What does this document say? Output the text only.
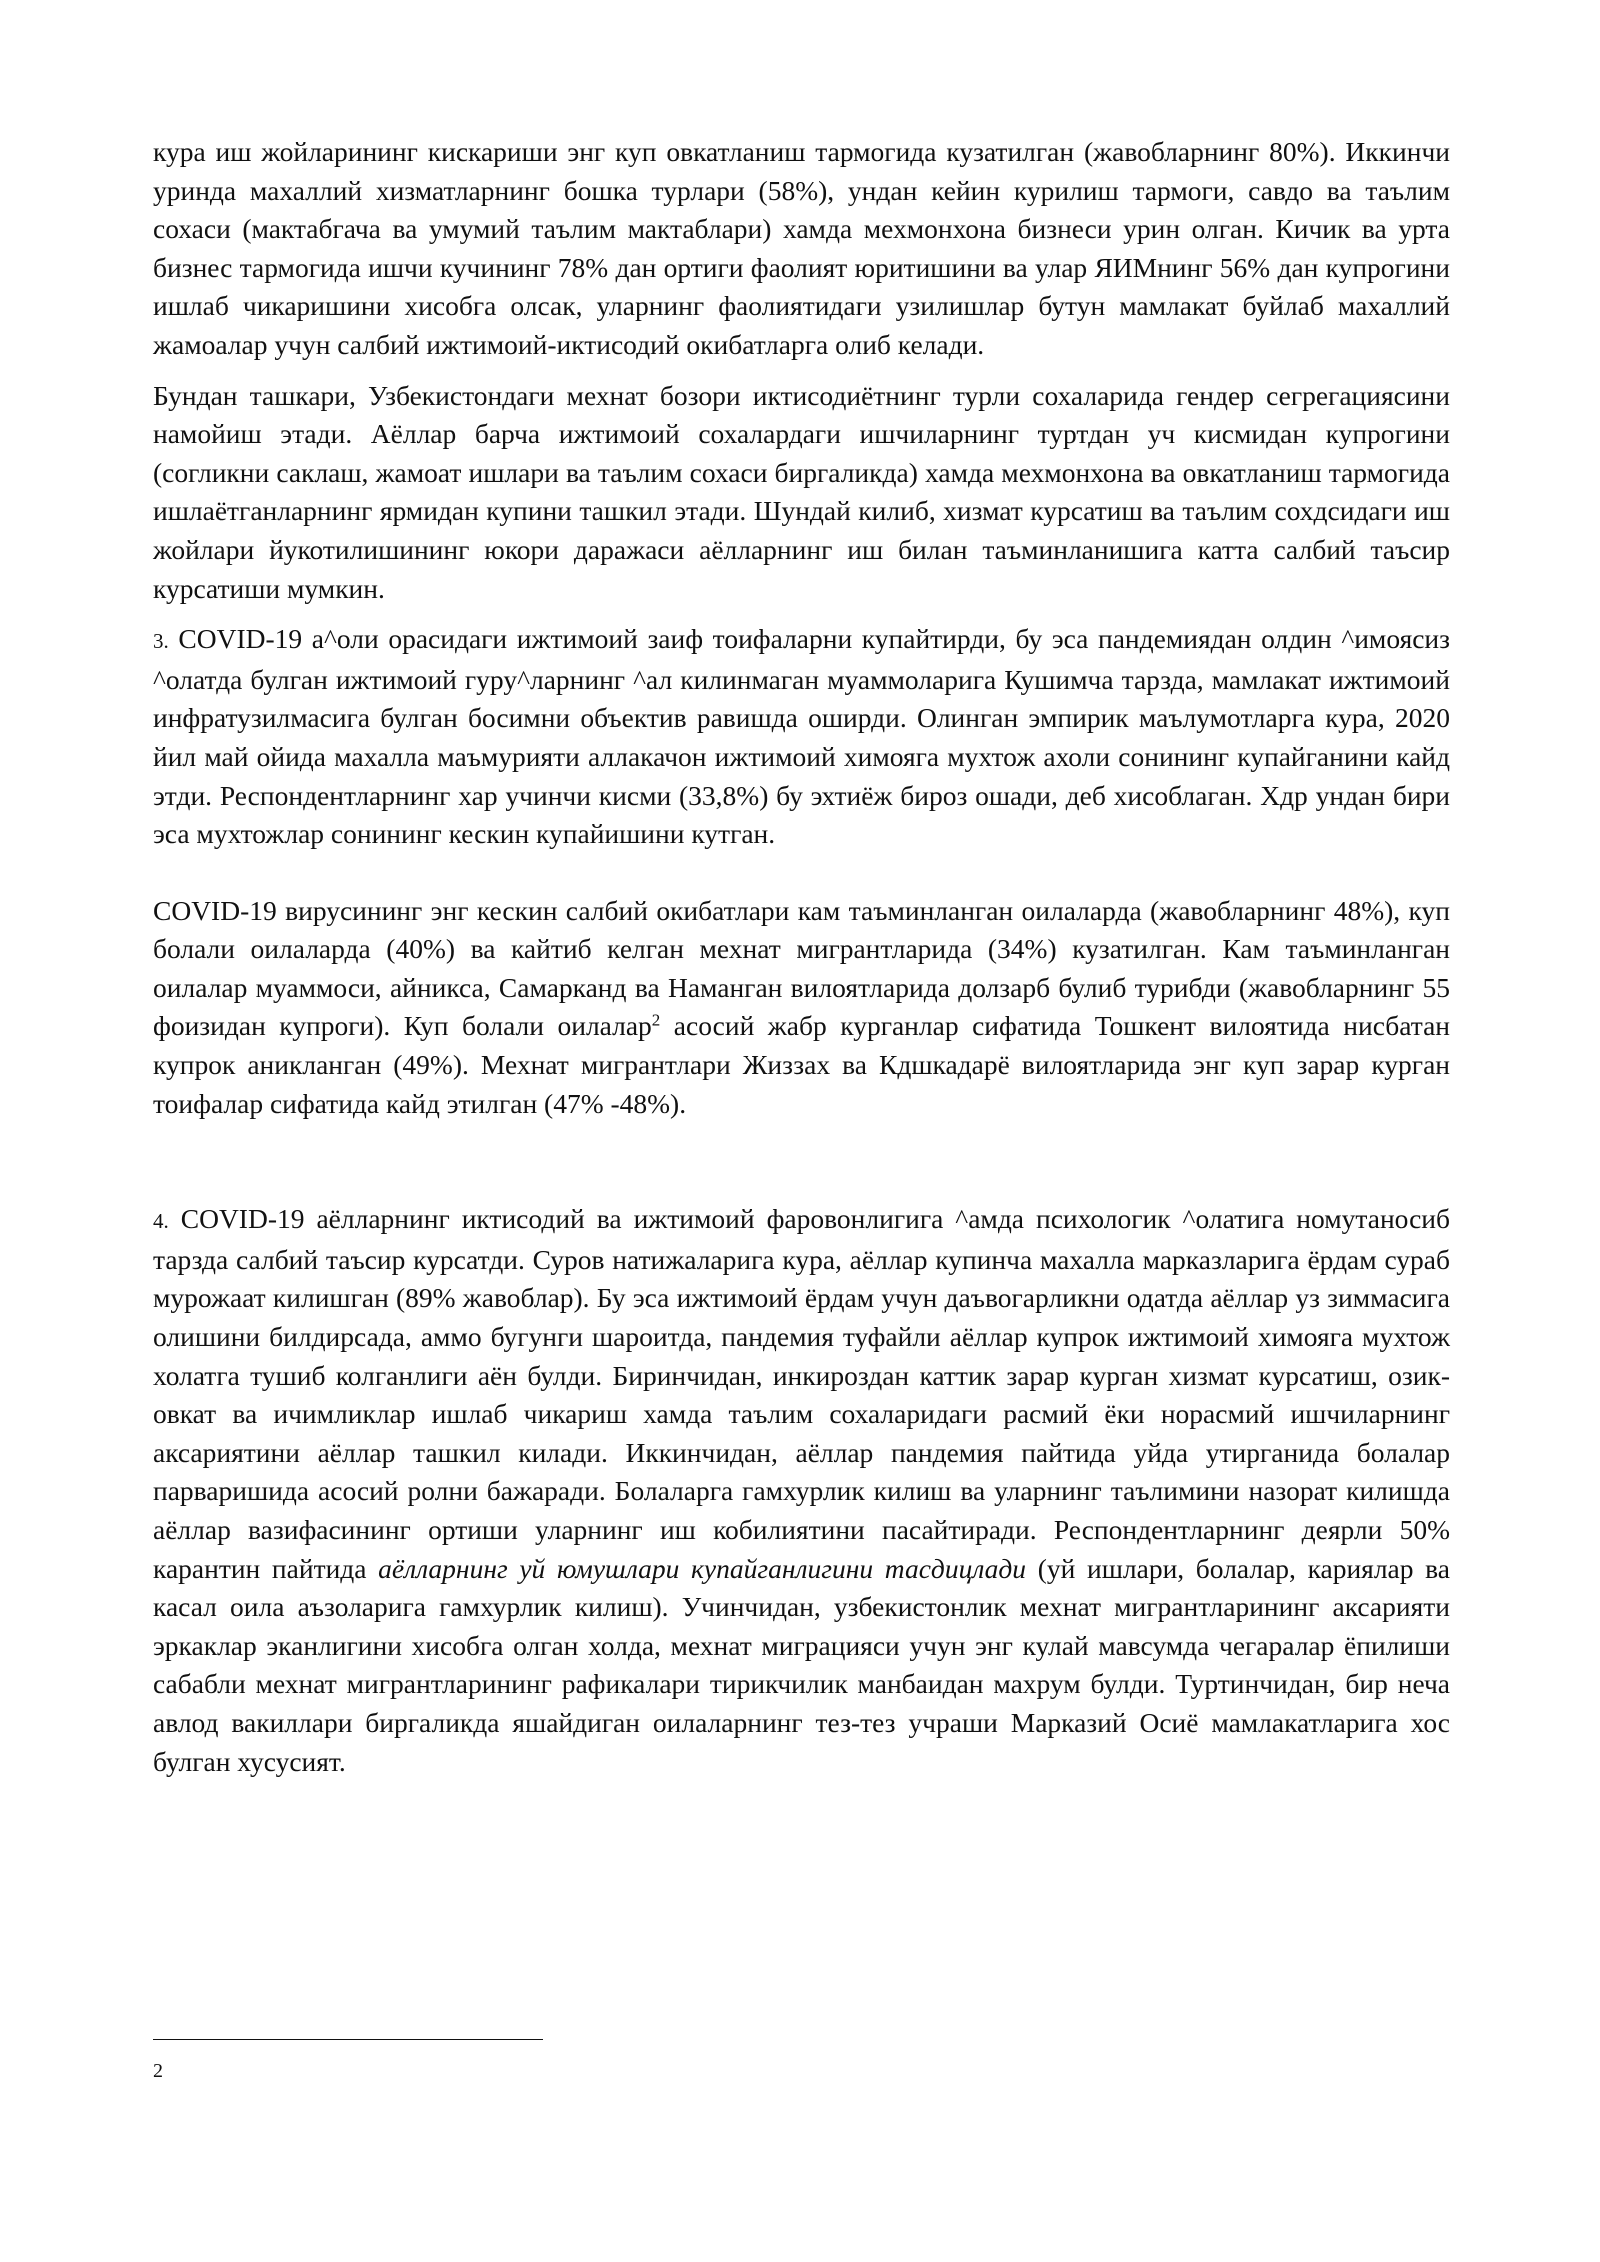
кура иш жойларининг кискариши энг куп овкатланиш тармогида кузатилган (жавобларнинг 80%). Иккинчи уринда махаллий хизматларнинг бошка турлари (58%), ундан кейин курилиш тармоги, савдо ва таълим сохаси (мактабгача ва умумий таълим мактаблари) хамда мехмонхона бизнеси урин олган. Кичик ва урта бизнес тармогида ишчи кучининг 78% дан ортиги фаолият юритишини ва улар ЯИМнинг 56% дан купрогини ишлаб чикаришини хисобга олсак, уларнинг фаолиятидаги узилишлар бутун мамлакат буйлаб махаллий жамоалар учун салбий ижтимоий-иктисодий окибатларга олиб келади.

Бундан ташкари, Узбекистондаги мехнат бозори иктисодиётнинг турли сохаларида гендер сегрегациясини намойиш этади. Аёллар барча ижтимоий сохалардаги ишчиларнинг туртдан уч кисмидан купрогини (согликни саклаш, жамоат ишлари ва таълим сохаси биргаликда) хамда мехмонхона ва овкатланиш тармогида ишлаётганларнинг ярмидан купини ташкил этади. Шундай килиб, хизмат курсатиш ва таълим сохдсидаги иш жойлари йукотилишининг юкори даражаси аёлларнинг иш билан таъминланишига катта салбий таъсир курсатиши мумкин.

3. COVID-19 а^оли орасидаги ижтимоий заиф тоифаларни купайтирди, бу эса пандемиядан олдин ^имоясиз ^олатда булган ижтимоий гуру^ларнинг ^ал килинмаган муаммоларига Кушимча тарзда, мамлакат ижтимоий инфратузилмасига булган босимни объектив равишда оширди. Олинган эмпирик маълумотларга кура, 2020 йил май ойида махалла маъмурияти аллакачон ижтимоий химояга мухтож ахоли сонининг купайганини кайд этди. Респондентларнинг хар учинчи кисми (33,8%) бу эхтиёж бироз ошади, деб хисоблаган. Хдр ундан бири эса мухтожлар сонининг кескин купайишини кутган.

COVID-19 вирусининг энг кескин салбий окибатлари кам таъминланган оилаларда (жавобларнинг 48%), куп болали оилаларда (40%) ва кайтиб келган мехнат мигрантларида (34%) кузатилган. Кам таъминланган оилалар муаммоси, айникса, Самарканд ва Наманган вилоятларида долзарб булиб турибди (жавобларнинг 55 фоизидан купроги). Куп болали оилалар$^2$ асосий жабр курганлар сифатида Тошкент вилоятида нисбатан купрок аникланган (49%). Мехнат мигрантлари Жиззах ва Кдшкадарё вилоятларида энг куп зарар курган тоифалар сифатида кайд этилган (47% -48%).

4. COVID-19 аёлларнинг иктисодий ва ижтимоий фаровонлигига ^амда психологик ^олатига номутаносиб тарзда салбий таъсир курсатди. Суров натижаларига кура, аёллар купинча махалла марказларига ёрдам сураб мурожаат килишган (89% жавоблар). Бу эса ижтимоий ёрдам учун даъвогарликни одатда аёллар уз зиммасига олишини билдирсада, аммо бугунги шароитда, пандемия туфайли аёллар купрок ижтимоий химояга мухтож холатга тушиб колганлиги аён булди. Биринчидан, инкироздан каттик зарар курган хизмат курсатиш, озик-овкат ва ичимликлар ишлаб чикариш хамда таълим сохаларидаги расмий ёки норасмий ишчиларнинг аксариятини аёллар ташкил килади. Иккинчидан, аёллар пандемия пайтида уйда утирганида болалар парваришида асосий ролни бажаради. Болаларга гамхурлик килиш ва уларнинг таълимини назорат килишда аёллар вазифасининг ортиши уларнинг иш кобилиятини пасайтиради. Респондентларнинг деярли 50% карантин пайтида аёлларнинг уй юмушлари купайганлигини тасдицлади (уй ишлари, болалар, кариялар ва касал оила аъзоларига гамхурлик килиш). Учинчидан, узбекистонлик мехнат мигрантларининг аксарияти эркаклар эканлигини хисобга олган холда, мехнат миграцияси учун энг кулай мавсумда чегаралар ёпилиши сабабли мехнат мигрантларининг рафикалари тирикчилик манбаидан махрум булди. Туртинчидан, бир неча авлод вакиллари биргаликда яшайдиган оилаларнинг тез-тез учраши Марказий Осиё мамлакатларига хос булган хусусият.

2
